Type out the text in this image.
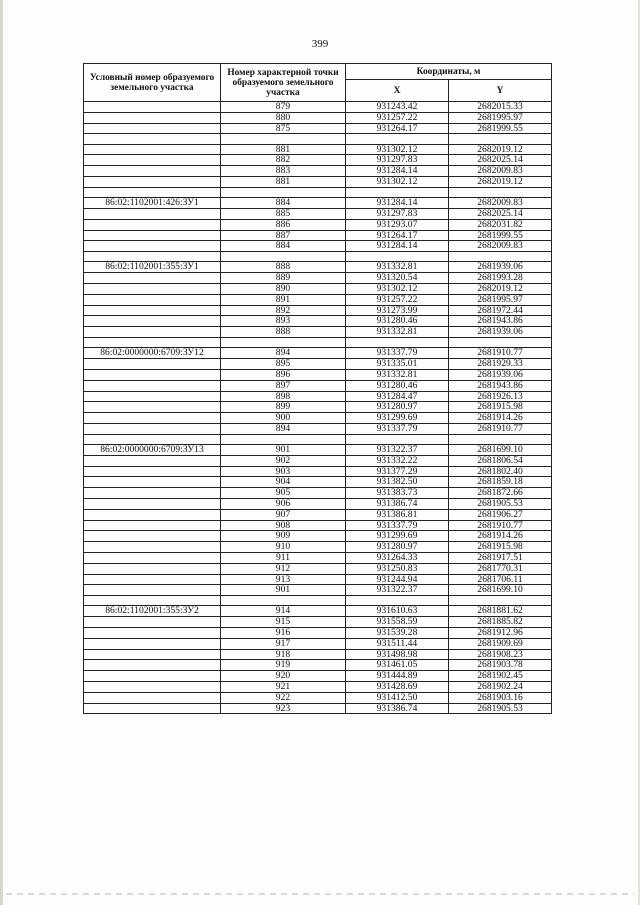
399
Условный номер образуемого земельного участка	Номер характерной точки образуемого земельного участка	Координаты, м	
		X	Y
	879	931243.42	2682015.33
	880	931257.22	2681995.97
	875	931264.17	2681999.55

	881	931302.12	2682019.12
	882	931297.83	2682025.14
	883	931284.14	2682009.83
	881	931302.12	2682019.12

86:02:1102001:426:ЗУ1	884	931284.14	2682009.83
	885	931297.83	2682025.14
	886	931293.07	2682031.82
	887	931264.17	2681999.55
	884	931284.14	2682009.83

86:02:1102001:355:ЗУ1	888	931332.81	2681939.06
	889	931320.54	2681993.28
	890	931302.12	2682019.12
	891	931257.22	2681995.97
	892	931273.99	2681972.44
	893	931280.46	2681943.86
	888	931332.81	2681939.06

86:02:0000000:6709:ЗУ12	894	931337.79	2681910.77
	895	931335.01	2681929.33
	896	931332.81	2681939.06
	897	931280.46	2681943.86
	898	931284.47	2681926.13
	899	931280.97	2681915.98
	900	931299.69	2681914.26
	894	931337.79	2681910.77

86:02:0000000:6709:ЗУ13	901	931322.37	2681699.10
	902	931332.22	2681806.54
	903	931377.29	2681802.40
	904	931382.50	2681859.18
	905	931383.73	2681872.66
	906	931386.74	2681905.53
	907	931386.81	2681906.27
	908	931337.79	2681910.77
	909	931299.69	2681914.26
	910	931280.97	2681915.98
	911	931264.33	2681917.51
	912	931250.83	2681770.31
	913	931244.94	2681706.11
	901	931322.37	2681699.10

86:02:1102001:355:ЗУ2	914	931610.63	2681881.62
	915	931558.59	2681885.82
	916	931539.28	2681912.96
	917	931511.44	2681909.69
	918	931498.98	2681908.23
	919	931461.05	2681903.78
	920	931444.89	2681902.45
	921	931428.69	2681902.24
	922	931412.50	2681903.16
	923	931386.74	2681905.53
